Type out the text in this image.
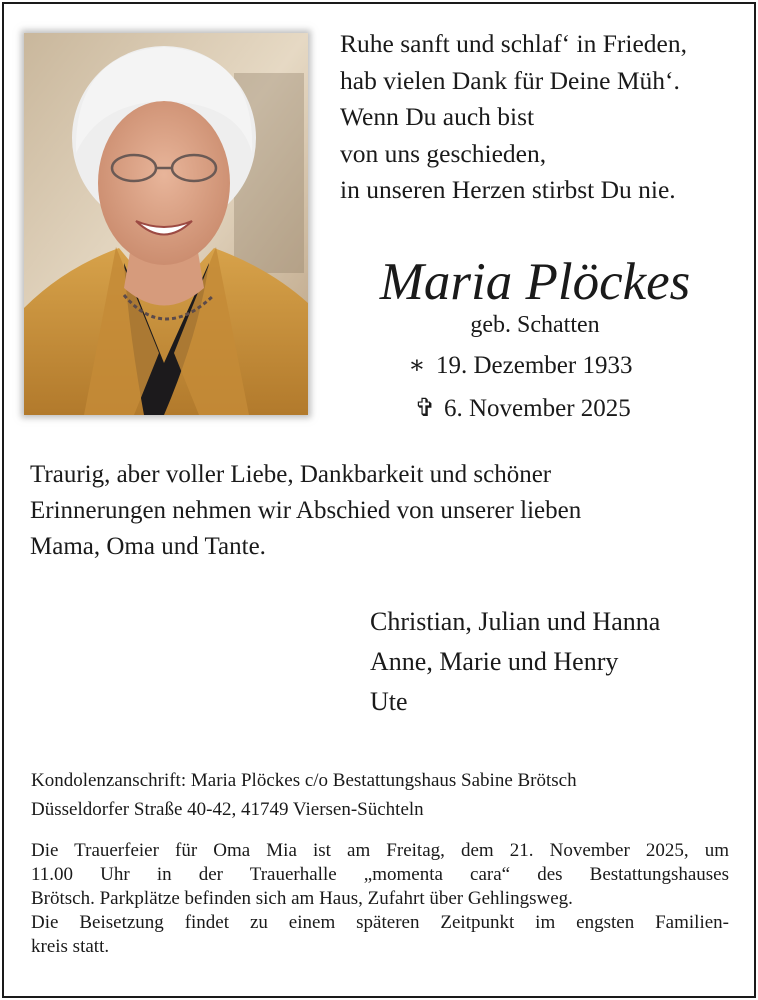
Ruhe sanft und schlaf‘ in Frieden,
hab vielen Dank für Deine Müh‘.
Wenn Du auch bist
von uns geschieden,
in unseren Herzen stirbst Du nie.
Maria Plöckes
geb. Schatten
∗ 19. Dezember 1933
✞ 6. November 2025
Traurig, aber voller Liebe, Dankbarkeit und schöner
Erinnerungen nehmen wir Abschied von unserer lieben
Mama, Oma und Tante.
Christian, Julian und Hanna
Anne, Marie und Henry
Ute
Kondolenzanschrift: Maria Plöckes c/o Bestattungshaus Sabine Brötsch
Düsseldorfer Straße 40-42, 41749 Viersen-Süchteln
Die Trauerfeier für Oma Mia ist am Freitag, dem 21. November 2025, um
11.00 Uhr in der Trauerhalle „momenta cara“ des Bestattungshauses
Brötsch. Parkplätze befinden sich am Haus, Zufahrt über Gehlingsweg.
Die Beisetzung findet zu einem späteren Zeitpunkt im engsten Familien-
kreis statt.
